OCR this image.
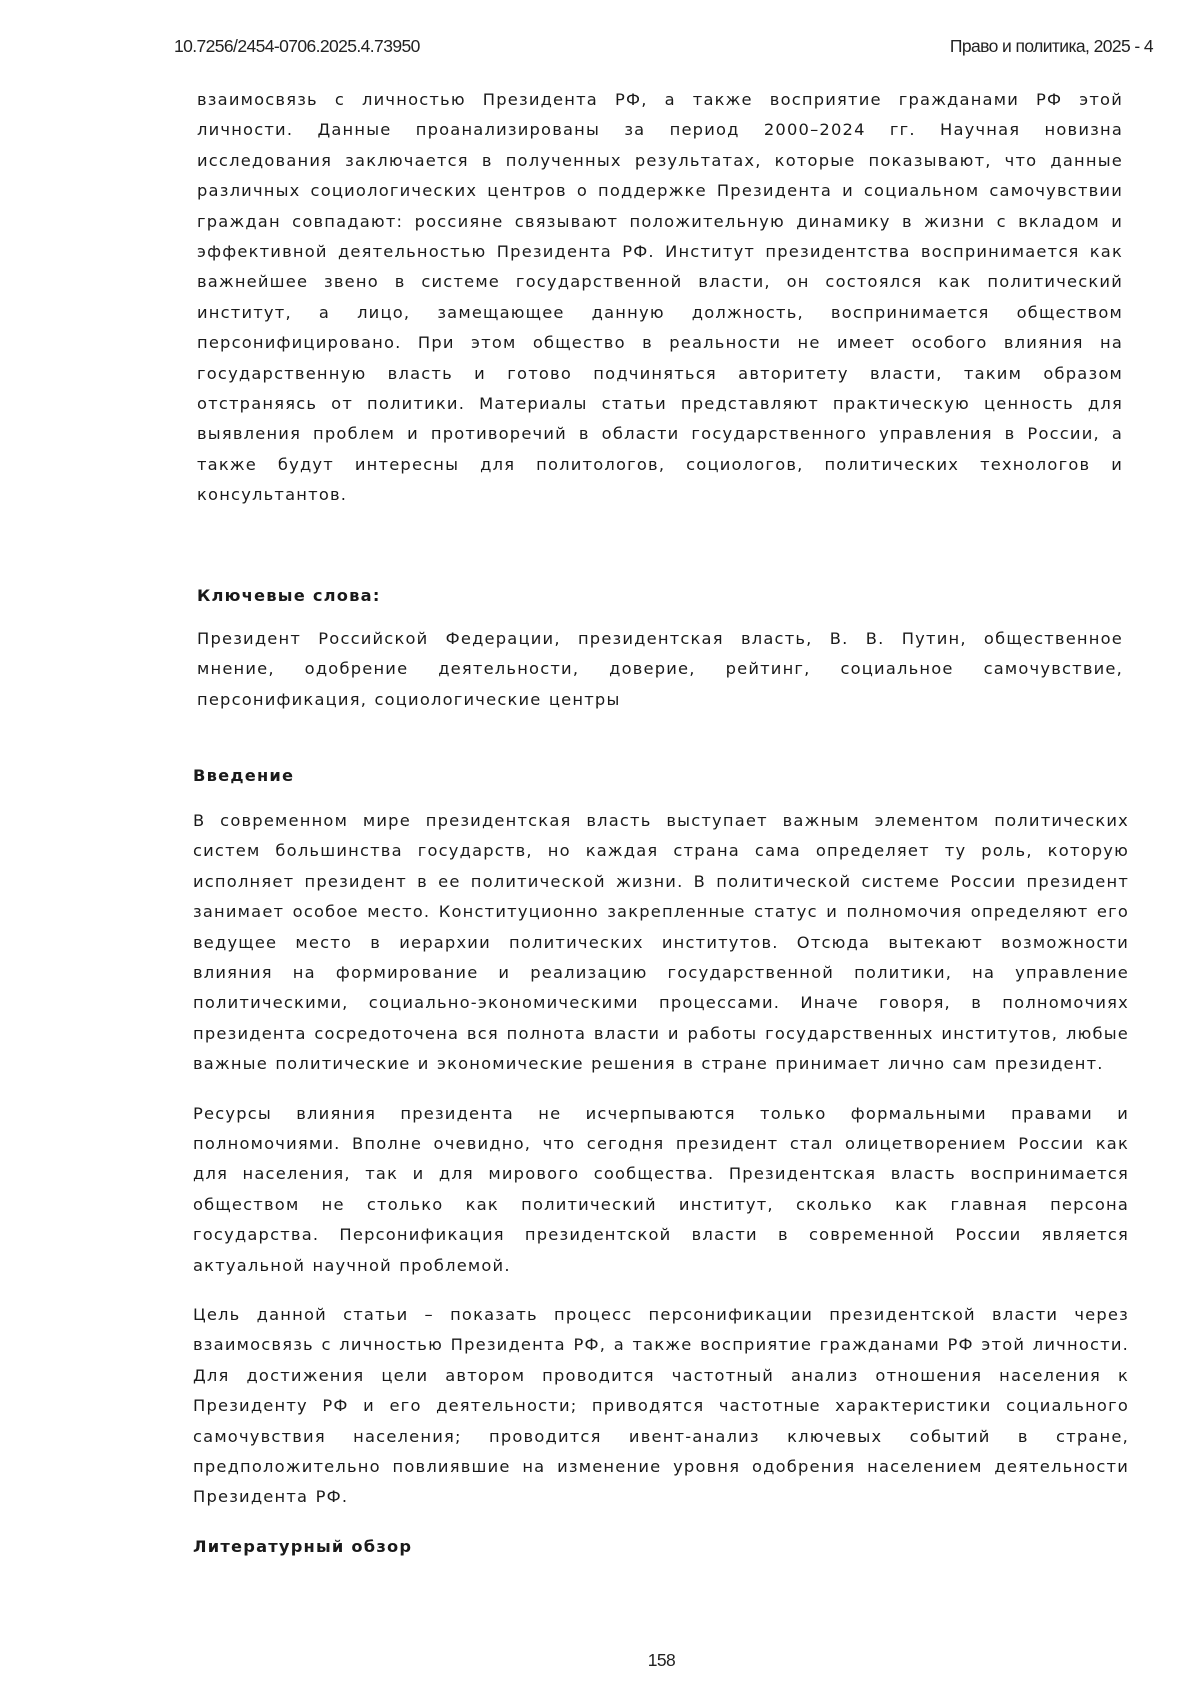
10.7256/2454-0706.2025.4.73950	Право и политика, 2025 - 4

взаимосвязь с личностью Президента РФ, а также восприятие гражданами РФ этой личности. Данные проанализированы за период 2000–2024 гг. Научная новизна исследования заключается в полученных результатах, которые показывают, что данные различных социологических центров о поддержке Президента и социальном самочувствии граждан совпадают: россияне связывают положительную динамику в жизни с вкладом и эффективной деятельностью Президента РФ. Институт президентства воспринимается как важнейшее звено в системе государственной власти, он состоялся как политический институт, а лицо, замещающее данную должность, воспринимается обществом персонифицировано. При этом общество в реальности не имеет особого влияния на государственную власть и готово подчиняться авторитету власти, таким образом отстраняясь от политики. Материалы статьи представляют практическую ценность для выявления проблем и противоречий в области государственного управления в России, а также будут интересны для политологов, социологов, политических технологов и консультантов.

Ключевые слова:

Президент Российской Федерации, президентская власть, В. В. Путин, общественное мнение, одобрение деятельности, доверие, рейтинг, социальное самочувствие, персонификация, социологические центры

Введение

В современном мире президентская власть выступает важным элементом политических систем большинства государств, но каждая страна сама определяет ту роль, которую исполняет президент в ее политической жизни. В политической системе России президент занимает особое место. Конституционно закрепленные статус и полномочия определяют его ведущее место в иерархии политических институтов. Отсюда вытекают возможности влияния на формирование и реализацию государственной политики, на управление политическими, социально-экономическими процессами. Иначе говоря, в полномочиях президента сосредоточена вся полнота власти и работы государственных институтов, любые важные политические и экономические решения в стране принимает лично сам президент.

Ресурсы влияния президента не исчерпываются только формальными правами и полномочиями. Вполне очевидно, что сегодня президент стал олицетворением России как для населения, так и для мирового сообщества. Президентская власть воспринимается обществом не столько как политический институт, сколько как главная персона государства. Персонификация президентской власти в современной России является актуальной научной проблемой.

Цель данной статьи – показать процесс персонификации президентской власти через взаимосвязь с личностью Президента РФ, а также восприятие гражданами РФ этой личности. Для достижения цели автором проводится частотный анализ отношения населения к Президенту РФ и его деятельности; приводятся частотные характеристики социального самочувствия населения; проводится ивент-анализ ключевых событий в стране, предположительно повлиявшие на изменение уровня одобрения населением деятельности Президента РФ.

Литературный обзор

158
